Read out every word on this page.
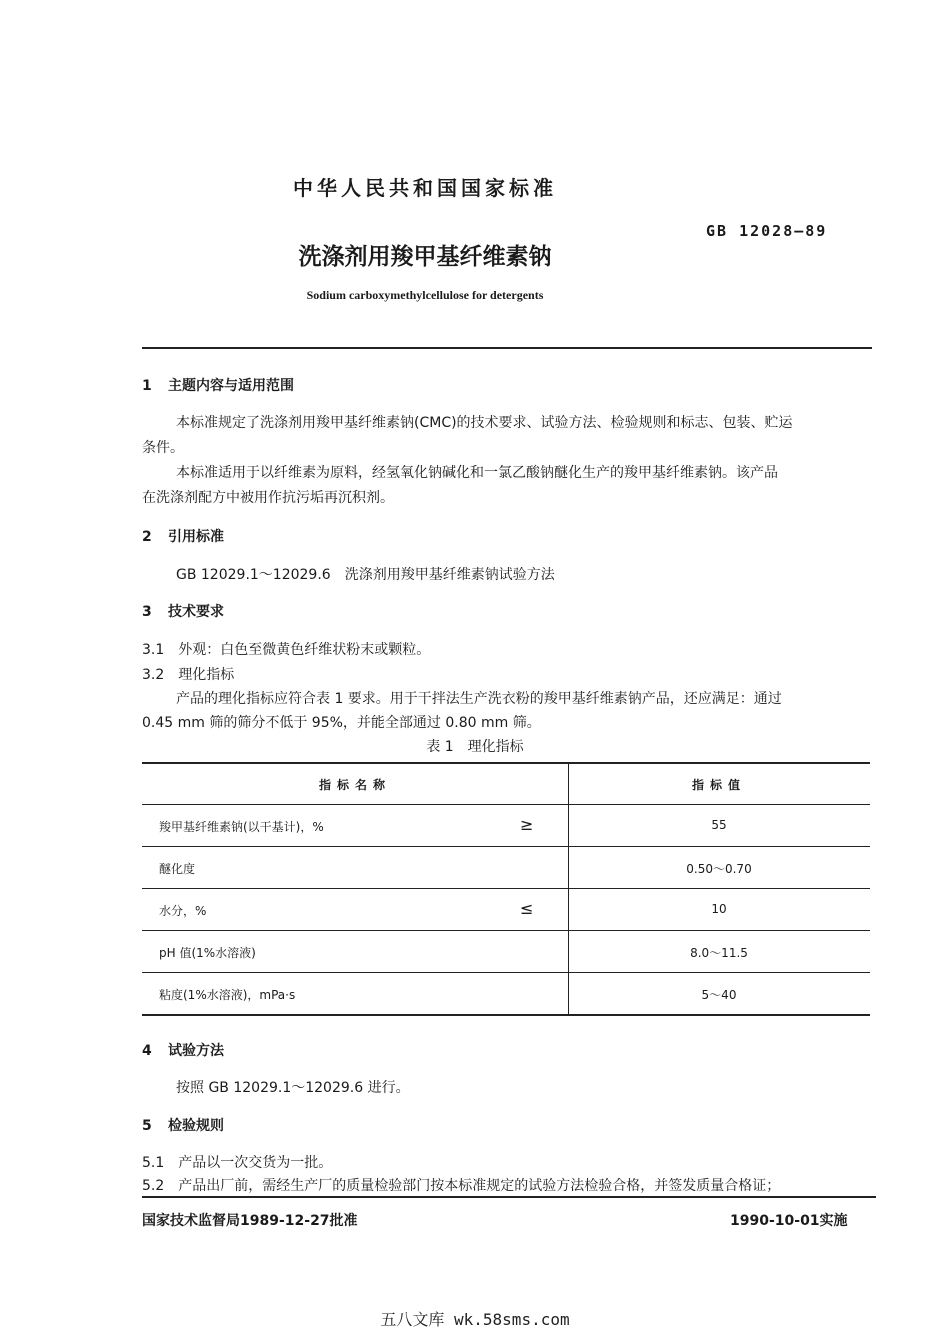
中华人民共和国国家标准
GB 12028—89
洗涤剂用羧甲基纤维素钠
Sodium carboxymethylcellulose for detergents
1 主题内容与适用范围
本标准规定了洗涤剂用羧甲基纤维素钠(CMC)的技术要求、试验方法、检验规则和标志、包装、贮运
条件。
本标准适用于以纤维素为原料，经氢氧化钠碱化和一氯乙酸钠醚化生产的羧甲基纤维素钠。该产品
在洗涤剂配方中被用作抗污垢再沉积剂。
2 引用标准
GB 12029.1～12029.6　洗涤剂用羧甲基纤维素钠试验方法
3 技术要求
3.1　外观：白色至微黄色纤维状粉末或颗粒。
3.2　理化指标
产品的理化指标应符合表 1 要求。用于干拌法生产洗衣粉的羧甲基纤维素钠产品，还应满足：通过
0.45 mm 筛的筛分不低于 95%，并能全部通过 0.80 mm 筛。
表 1　理化指标
指标名称	指标值
羧甲基纤维素钠(以干基计)，%	≥	55
醚化度	0.50～0.70
水分，%	≤	10
pH 值(1%水溶液)	8.0～11.5
粘度(1%水溶液)，mPa·s	5～40
4 试验方法
按照 GB 12029.1～12029.6 进行。
5 检验规则
5.1　产品以一次交货为一批。
5.2　产品出厂前，需经生产厂的质量检验部门按本标准规定的试验方法检验合格，并签发质量合格证；
国家技术监督局1989-12-27批准	1990-10-01实施
五八文库 wk.58sms.com
